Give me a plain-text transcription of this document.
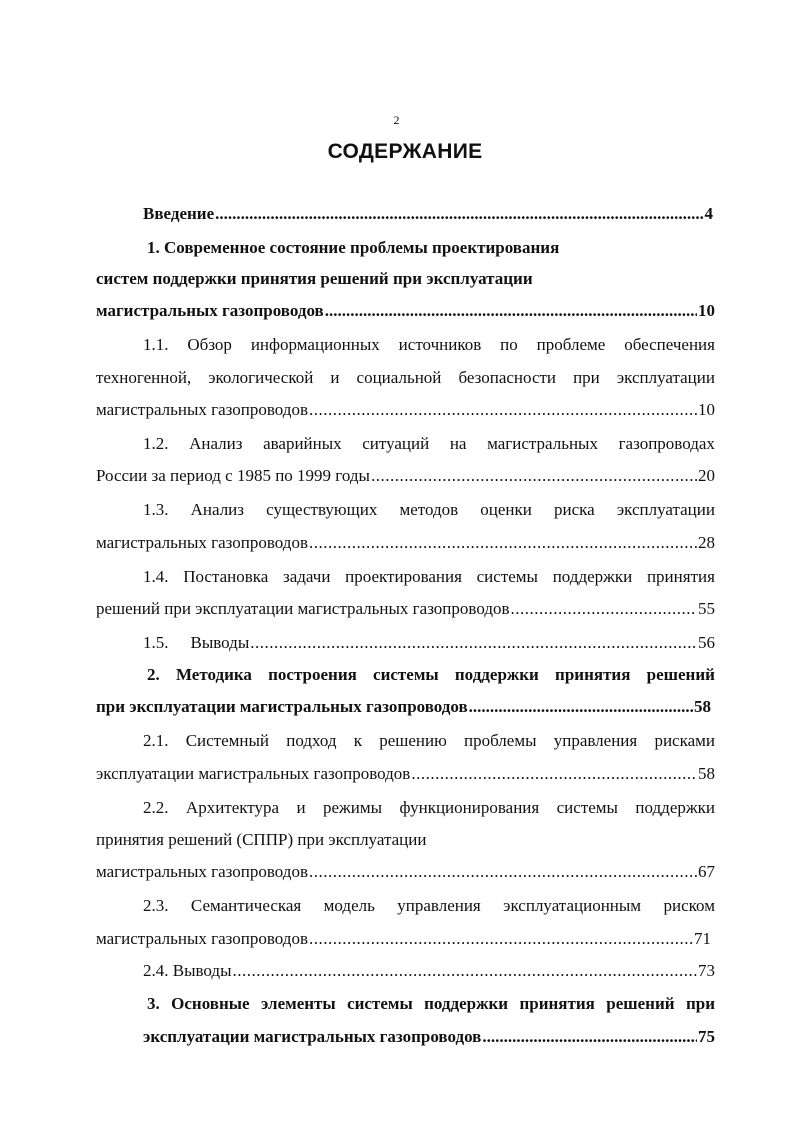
2
СОДЕРЖАНИЕ
Введение .....	4
1. Современное состояние проблемы проектирования
систем поддержки принятия решений при эксплуатации
магистральных газопроводов .....	10
1.1. Обзор информационных источников по проблеме обеспечения
техногенной, экологической и социальной безопасности при эксплуатации
магистральных газопроводов .....	10
1.2. Анализ аварийных ситуаций на магистральных газопроводах
России за период с 1985 по 1999 годы .....	20
1.3. Анализ существующих методов оценки риска эксплуатации
магистральных газопроводов .....	28
1.4. Постановка задачи проектирования системы поддержки принятия
решений при эксплуатации магистральных газопроводов .....	55
1.5. Выводы .....	56
2. Методика построения системы поддержки принятия решений
при эксплуатации магистральных газопроводов .....	58
2.1. Системный подход к решению проблемы управления рисками
эксплуатации магистральных газопроводов .....	58
2.2. Архитектура и режимы функционирования системы поддержки
принятия решений (СППР) при эксплуатации
магистральных газопроводов .....	67
2.3. Семантическая модель управления эксплуатационным риском
магистральных газопроводов .....	71
2.4. Выводы .....	73
3. Основные элементы системы поддержки принятия решений при
эксплуатации магистральных газопроводов .....	75
